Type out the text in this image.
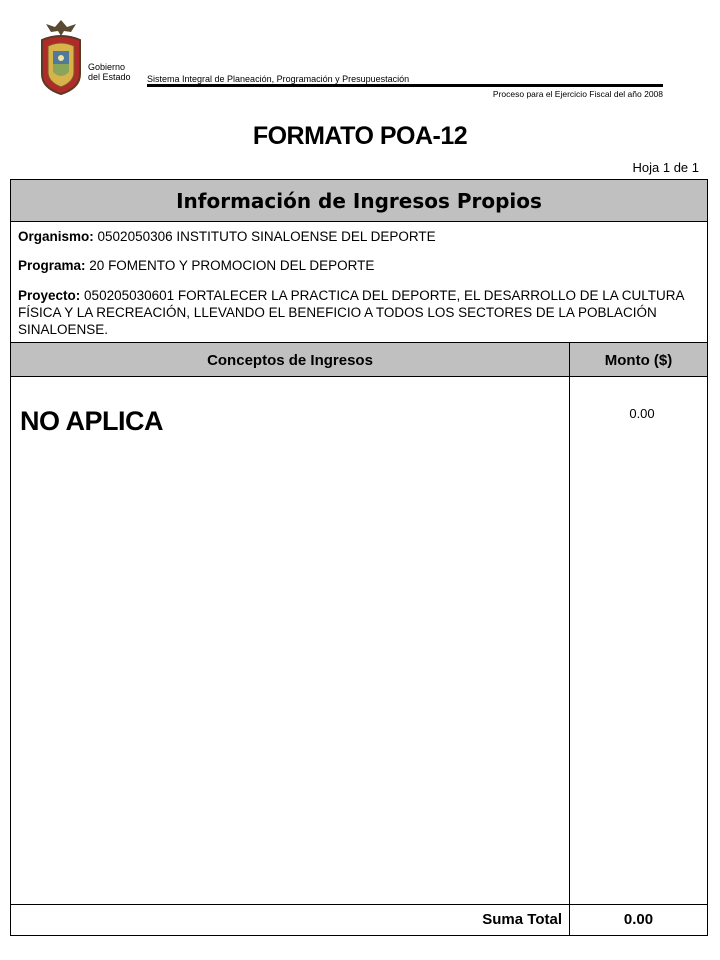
Gobierno
del Estado Sistema Integral de Planeación, Programación y Presupuestación
Proceso para el Ejercicio Fiscal del año 2008
FORMATO POA-12
Hoja 1 de 1
Información de Ingresos Propios
Organismo: 0502050306 INSTITUTO SINALOENSE DEL DEPORTE
Programa: 20 FOMENTO Y PROMOCION DEL DEPORTE
Proyecto: 050205030601 FORTALECER LA PRACTICA DEL DEPORTE, EL DESARROLLO DE LA CULTURA FÍSICA Y LA RECREACIÓN, LLEVANDO EL BENEFICIO A TODOS LOS SECTORES DE LA POBLACIÓN SINALOENSE.
Conceptos de Ingresos	Monto ($)
NO APLICA	0.00
Suma Total	0.00
